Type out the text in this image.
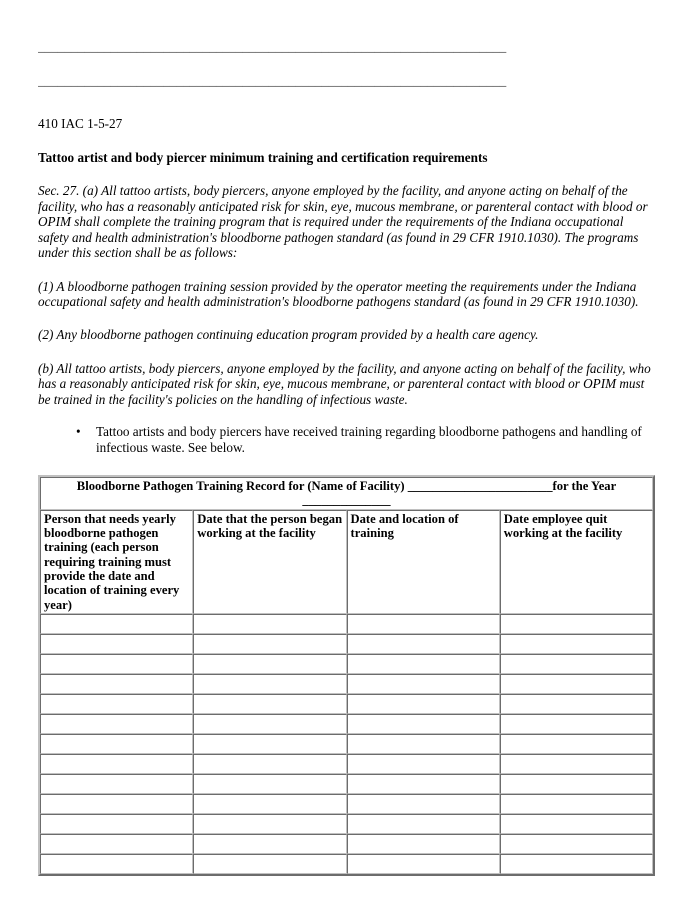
_______________________________________________________________________
_______________________________________________________________________
410 IAC 1-5-27
Tattoo artist and body piercer minimum training and certification requirements

Sec. 27. (a) All tattoo artists, body piercers, anyone employed by the facility, and anyone acting on behalf of the facility, who has a reasonably anticipated risk for skin, eye, mucous membrane, or parenteral contact with blood or OPIM shall complete the training program that is required under the requirements of the Indiana occupational safety and health administration's bloodborne pathogen standard (as found in 29 CFR 1910.1030). The programs under this section shall be as follows:

(1) A bloodborne pathogen training session provided by the operator meeting the requirements under the Indiana occupational safety and health administration's bloodborne pathogens standard (as found in 29 CFR 1910.1030).

(2) Any bloodborne pathogen continuing education program provided by a health care agency.

(b) All tattoo artists, body piercers, anyone employed by the facility, and anyone acting on behalf of the facility, who has a reasonably anticipated risk for skin, eye, mucous membrane, or parenteral contact with blood or OPIM must be trained in the facility's policies on the handling of infectious waste.

• Tattoo artists and body piercers have received training regarding bloodborne pathogens and handling of infectious waste. See below.
Bloodborne Pathogen Training Record for (Name of Facility) _______________________for the Year ______________			

Person that needs yearly bloodborne pathogen training (each person requiring training must provide the date and location of training every year)	Date that the person began working at the facility	Date and location of training	Date employee quit working at the facility
